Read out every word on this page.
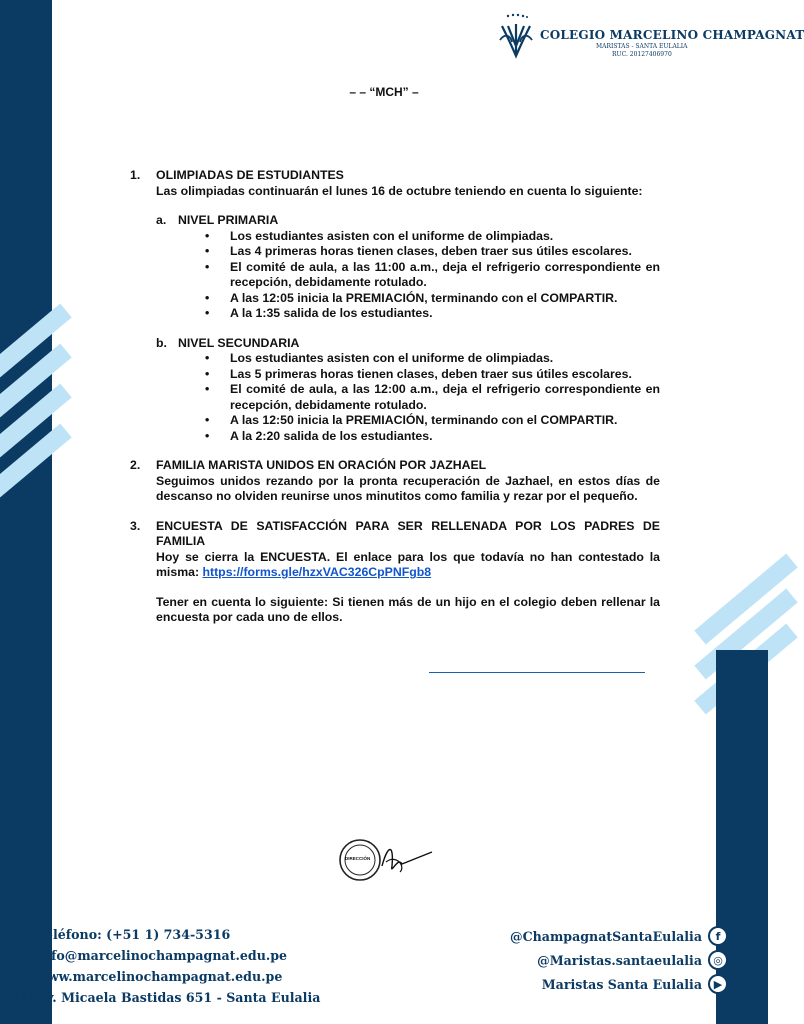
COLEGIO MARCELINO CHAMPAGNAT
MARISTAS - SANTA EULALIA
RUC. 20127406970
– – “MCH” –
1. OLIMPIADAS DE ESTUDIANTES
Las olimpiadas continuarán el lunes 16 de octubre teniendo en cuenta lo siguiente:
a. NIVEL PRIMARIA
• Los estudiantes asisten con el uniforme de olimpiadas.
• Las 4 primeras horas tienen clases, deben traer sus útiles escolares.
• El comité de aula, a las 11:00 a.m., deja el refrigerio correspondiente en recepción, debidamente rotulado.
• A las 12:05 inicia la PREMIACIÓN, terminando con el COMPARTIR.
• A la 1:35 salida de los estudiantes.
b. NIVEL SECUNDARIA
• Los estudiantes asisten con el uniforme de olimpiadas.
• Las 5 primeras horas tienen clases, deben traer sus útiles escolares.
• El comité de aula, a las 12:00 a.m., deja el refrigerio correspondiente en recepción, debidamente rotulado.
• A las 12:50 inicia la PREMIACIÓN, terminando con el COMPARTIR.
• A la 2:20 salida de los estudiantes.
2. FAMILIA MARISTA UNIDOS EN ORACIÓN POR JAZHAEL
Seguimos unidos rezando por la pronta recuperación de Jazhael, en estos días de descanso no olviden reunirse unos minutitos como familia y rezar por el pequeño.
3. ENCUESTA DE SATISFACCIÓN PARA SER RELLENADA POR LOS PADRES DE FAMILIA
Hoy se cierra la ENCUESTA. El enlace para los que todavía no han contestado la misma: https://forms.gle/hzxVAC326CpPNFgb8
Tener en cuenta lo siguiente: Si tienen más de un hijo en el colegio deben rellenar la encuesta por cada uno de ellos.
DIRECCIÓN
☎ Teléfono: (+51 1) 734-5316
www info@marcelinochampagnat.edu.pe
✉ www.marcelinochampagnat.edu.pe
⚲ Av. Micaela Bastidas 651 - Santa Eulalia
@ChampagnatSantaEulalia	f
@Maristas.santaeulalia	◎
Maristas Santa Eulalia	▶
